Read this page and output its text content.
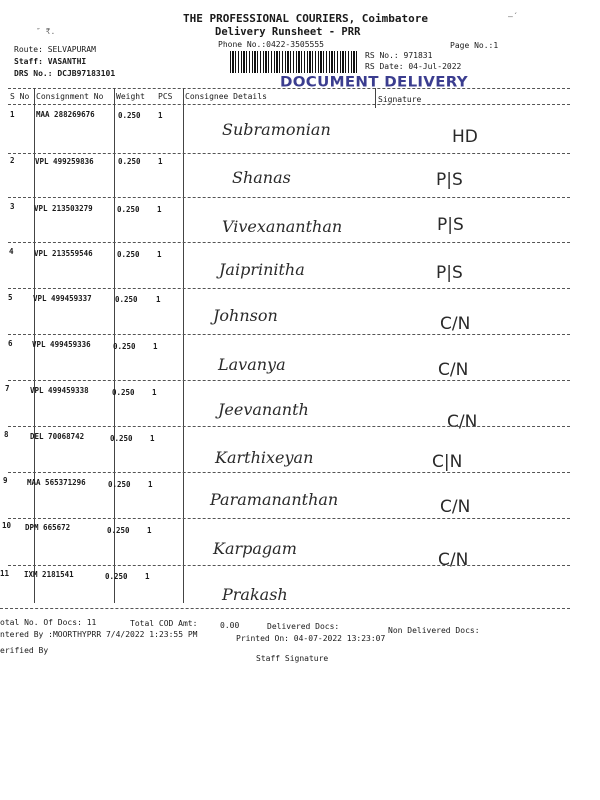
″ ₹.
‒́
THE PROFESSIONAL COURIERS, Coimbatore
Delivery Runsheet - PRR
Phone No.:0422-3505555	Page No.:1
Route: SELVAPURAM
Staff: VASANTHI
DRS No.: DCJB97183101
RS No.: 971831
RS Date: 04-Jul-2022
DOCUMENT DELIVERY
S No Consignment No Weight PCS Consignee Details	Signature
1	MAA 288269676	0.250 1
Subramonian	HD
2	VPL 499259836	0.250 1
Shanas	P|S
3	VPL 213503279	0.250 1
Vivexananthan	P|S
4	VPL 213559546	0.250 1
Jaiprinitha	P|S
5	VPL 499459337	0.250 1
Johnson	C/N
6	VPL 499459336	0.250 1
Lavanya	C/N
7	VPL 499459338	0.250 1
Jeevananth
C/N
8	DEL 70068742	0.250 1
Karthixeyan	C|N
9	MAA 565371296	0.250 1
Paramananthan	C/N
10 DPM 665672	0.250 1
Karpagam
C/N
11 IXM 2181541	0.250 1
Prakash
otal No. Of Docs: 11	Total COD Amt:	0.00	Delivered Docs:	Non Delivered Docs:
ntered By :MOORTHYPRR 7/4/2022 1:23:55 PM	Printed On: 04-07-2022 13:23:07
erified By
Staff Signature
